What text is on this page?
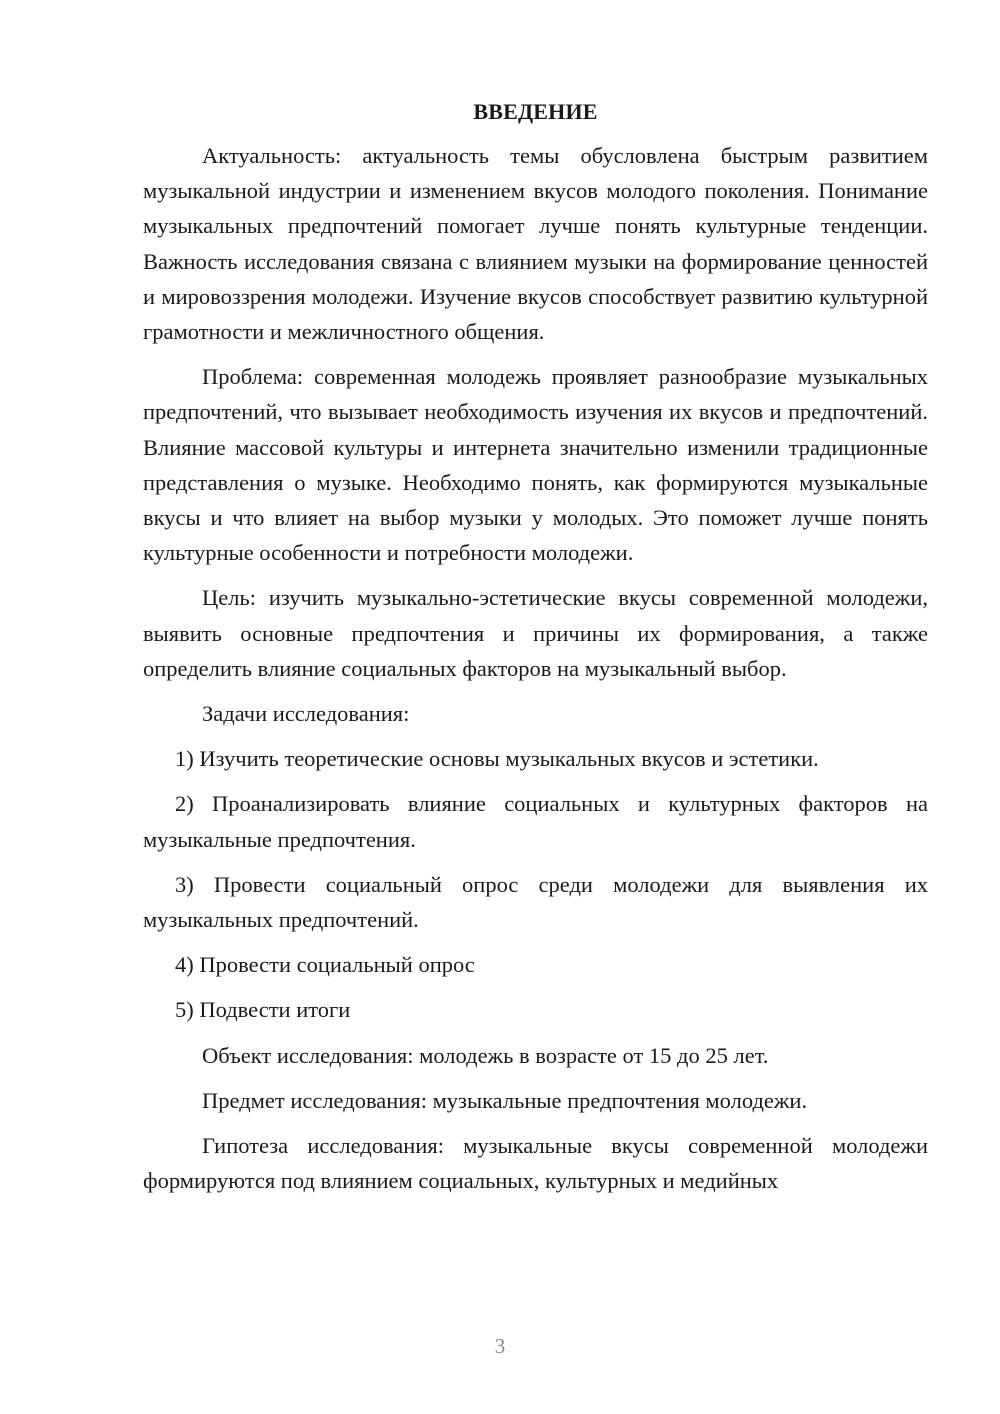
ВВЕДЕНИЕ

Актуальность: актуальность темы обусловлена быстрым развитием музыкальной индустрии и изменением вкусов молодого поколения. Понимание музыкальных предпочтений помогает лучше понять культурные тенденции. Важность исследования связана с влиянием музыки на формирование ценностей и мировоззрения молодежи. Изучение вкусов способствует развитию культурной грамотности и межличностного общения.

Проблема: современная молодежь проявляет разнообразие музыкальных предпочтений, что вызывает необходимость изучения их вкусов и предпочтений. Влияние массовой культуры и интернета значительно изменили традиционные представления о музыке. Необходимо понять, как формируются музыкальные вкусы и что влияет на выбор музыки у молодых. Это поможет лучше понять культурные особенности и потребности молодежи.

Цель: изучить музыкально-эстетические вкусы современной молодежи, выявить основные предпочтения и причины их формирования, а также определить влияние социальных факторов на музыкальный выбор.

Задачи исследования:

1) Изучить теоретические основы музыкальных вкусов и эстетики.

2) Проанализировать влияние социальных и культурных факторов на музыкальные предпочтения.

3) Провести социальный опрос среди молодежи для выявления их музыкальных предпочтений.

4) Провести социальный опрос

5) Подвести итоги

Объект исследования: молодежь в возрасте от 15 до 25 лет.

Предмет исследования: музыкальные предпочтения молодежи.

Гипотеза исследования: музыкальные вкусы современной молодежи формируются под влиянием социальных, культурных и медийных

3
